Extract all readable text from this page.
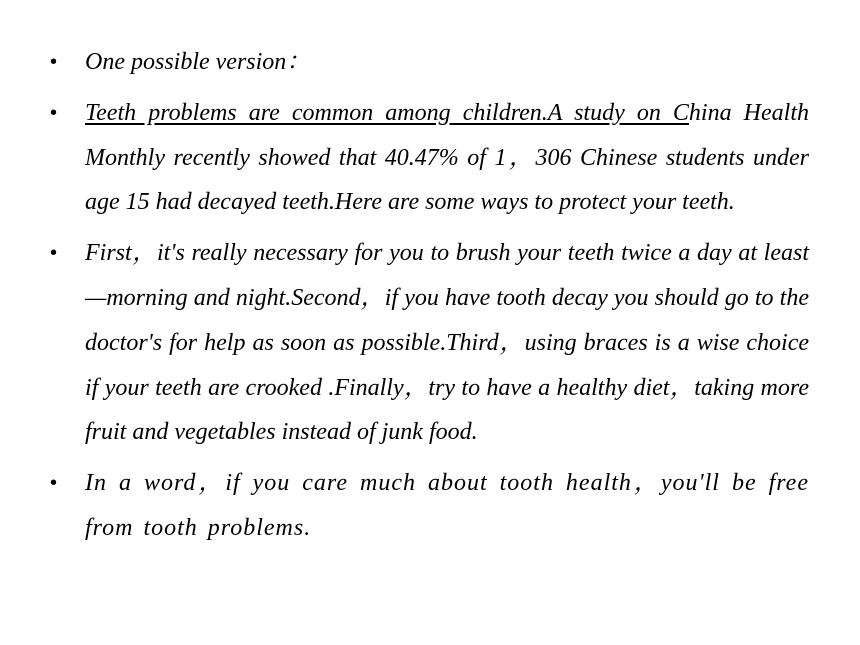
• One possible version：
• Teeth problems are common among children.A study on China Health Monthly recently showed that 40.47% of 1，306 Chinese students under age 15 had decayed teeth.Here are some ways to protect your teeth.
• First，it's really necessary for you to brush your teeth twice a day at least—morning and night.Second，if you have tooth decay you should go to the doctor's for help as soon as possible.Third，using braces is a wise choice if your teeth are crooked .Finally，try to have a healthy diet，taking more fruit and vegetables instead of junk food.
• In a word，if you care much about tooth health，you'll be free from tooth problems.
